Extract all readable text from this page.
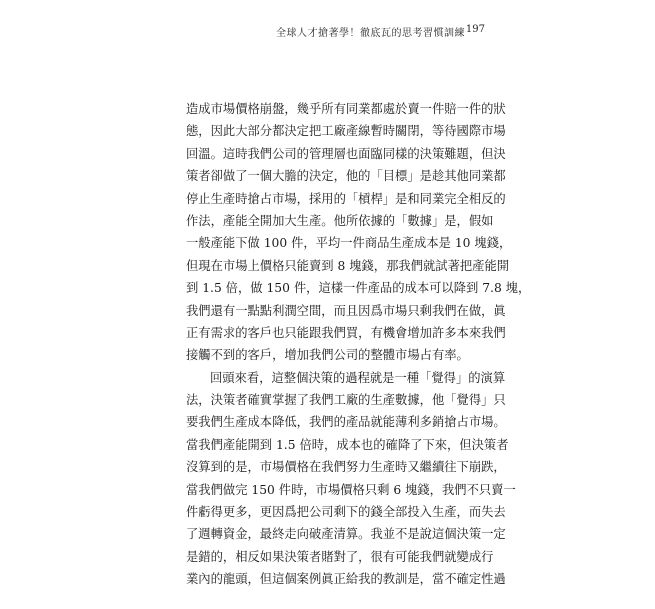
全球人才搶著學！徹底瓦的思考習慣訓練 197
造成市場價格崩盤，幾乎所有同業都處於賣一件賠一件的狀
態，因此大部分都決定把工廠產線暫時關閉，等待國際市場
回溫。這時我們公司的管理層也面臨同樣的決策難題，但決
策者卻做了一個大膽的決定，他的「目標」是趁其他同業都
停止生產時搶占市場，採用的「槓桿」是和同業完全相反的
作法，產能全開加大生產。他所依據的「數據」是，假如
一般產能下做 100 件，平均一件商品生產成本是 10 塊錢，
但現在市場上價格只能賣到 8 塊錢，那我們就試著把產能開
到 1.5 倍，做 150 件，這樣一件產品的成本可以降到 7.8 塊，
我們還有一點點利潤空間，而且因爲市場只剩我們在做，眞
正有需求的客戶也只能跟我們買，有機會增加許多本來我們
接觸不到的客戶，增加我們公司的整體市場占有率。
回頭來看，這整個決策的過程就是一種「覺得」的演算
法，決策者確實掌握了我們工廠的生產數據，他「覺得」只
要我們生產成本降低，我們的產品就能薄利多銷搶占市場。
當我們產能開到 1.5 倍時，成本也的確降了下來，但決策者
沒算到的是，市場價格在我們努力生產時又繼續往下崩跌，
當我們做完 150 件時，市場價格只剩 6 塊錢，我們不只賣一
件虧得更多，更因爲把公司剩下的錢全部投入生產，而失去
了週轉資金，最終走向破產清算。我並不是說這個決策一定
是錯的，相反如果決策者賭對了，很有可能我們就變成行
業內的龍頭，但這個案例眞正給我的教訓是，當不確定性過
